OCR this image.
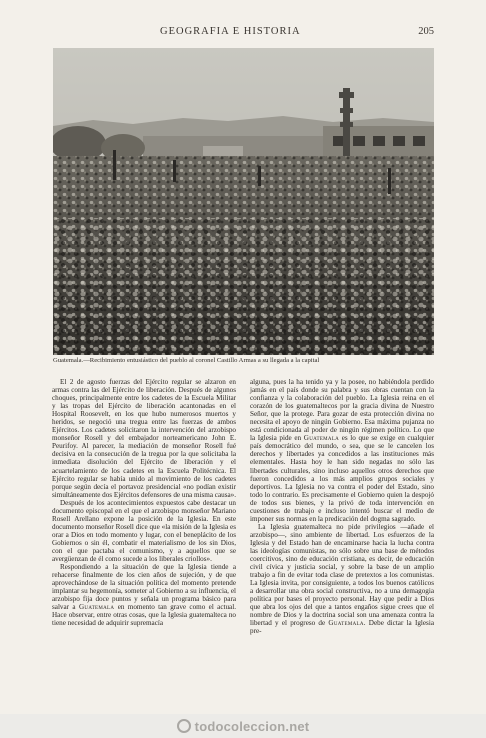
GEOGRAFIA E HISTORIA	205
Guatemala.—Recibimiento entusiástico del pueblo al coronel Castillo Armas a su llegada a la capital

El 2 de agosto fuerzas del Ejército regular se alzaron en armas contra las del Ejército de liberación. Después de algunos choques, principalmente entre los cadetes de la Escuela Militar y las tropas del Ejército de liberación acantonadas en el Hospital Roosevelt, en los que hubo numerosos muertos y heridos, se negoció una tregua entre las fuerzas de ambos Ejércitos. Los cadetes solicitaron la intervención del arzobispo monseñor Rosell y del embajador norteamericano John E. Peurifoy. Al parecer, la mediación de monseñor Rosell fué decisiva en la consecución de la tregua por la que solicitaba la inmediata disolución del Ejército de liberación y el acuartelamiento de los cadetes en la Escuela Politécnica. El Ejército regular se había unido al movimiento de los cadetes porque según decía el portavoz presidencial «no podían existir simultáneamente dos Ejércitos defensores de una misma causa».

Después de los acontecimientos expuestos cabe destacar un documento episcopal en el que el arzobispo monseñor Mariano Rosell Arellano expone la posición de la Iglesia. En este documento monseñor Rosell dice que «la misión de la Iglesia es orar a Dios en todo momento y lugar, con el beneplácito de los Gobiernos o sin él, combatir el materialismo de los sin Dios, con el que pactaba el comunismo, y a aquellos que se avergüenzan de él como sucede a los liberales criollos».

Respondiendo a la situación de que la Iglesia tiende a rehacerse finalmente de los cien años de sujeción, y de que aprovechándose de la situación política del momento pretende implantar su hegemonía, someter al Gobierno a su influencia, el arzobispo fija doce puntos y señala un programa básico para salvar a Guatemala en momento tan grave como el actual. Hace observar, entre otras cosas, que la Iglesia guatemalteca no tiene necesidad de adquirir supremacía

alguna, pues la ha tenido ya y la posee, no habiéndola perdido jamás en el país donde su palabra y sus obras cuentan con la confianza y la colaboración del pueblo. La Iglesia reina en el corazón de los guatemaltecos por la gracia divina de Nuestro Señor, que la protege. Para gozar de esta protección divina no necesita el apoyo de ningún Gobierno. Esa máxima pujanza no está condicionada al poder de ningún régimen político. Lo que la Iglesia pide en Guatemala es lo que se exige en cualquier país democrático del mundo, o sea, que se le cancelen los derechos y libertades ya concedidos a las instituciones más elementales. Hasta hoy le han sido negadas no sólo las libertades culturales, sino incluso aquellos otros derechos que fueron concedidos a los más amplios grupos sociales y deportivos. La Iglesia no va contra el poder del Estado, sino todo lo contrario. Es precisamente el Gobierno quien la despojó de todos sus bienes, y la privó de toda intervención en cuestiones de trabajo e incluso intentó buscar el medio de imponer sus normas en la predicación del dogma sagrado.

La Iglesia guatemalteca no pide privilegios —añade el arzobispo—, sino ambiente de libertad. Los esfuerzos de la Iglesia y del Estado han de encaminarse hacia la lucha contra las ideologías comunistas, no sólo sobre una base de métodos coercitivos, sino de educación cristiana, es decir, de educación civil cívica y justicia social, y sobre la base de un amplio trabajo a fin de evitar toda clase de pretextos a los comunistas. La Iglesia invita, por consiguiente, a todos los buenos católicos a desarrollar una obra social constructiva, no a una demagogia política por bases el proyecto personal. Hay que pedir a Dios que abra los ojos del que a tantos engaños sigue crees que el nombre de Dios y la doctrina social son una amenaza contra la libertad y el progreso de Guatemala. Debe dictar la Iglesia pre-

todocoleccion.net
